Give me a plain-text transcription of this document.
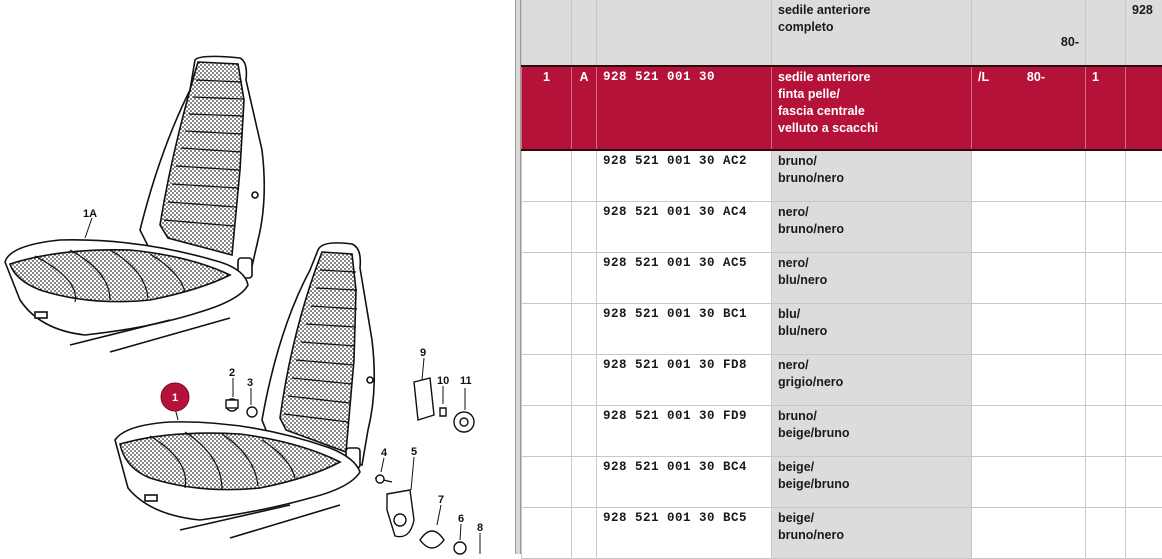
1A
1
2
3
4 5
6
7
8
9
10 11

			sedile anteriore
completo	80-		928
1	A	928 521 001 30	sedile anteriore
finta pelle/
fascia centrale
velluto a scacchi	/L 80-	1	
		928 521 001 30 AC2	bruno/
bruno/nero			

		928 521 001 30 AC4	nero/
bruno/nero			

		928 521 001 30 AC5	nero/
blu/nero			

		928 521 001 30 BC1	blu/
blu/nero			

		928 521 001 30 FD8	nero/
grigio/nero			

		928 521 001 30 FD9	bruno/
beige/bruno			

		928 521 001 30 BC4	beige/
beige/bruno			

		928 521 001 30 BC5	beige/
bruno/nero			
